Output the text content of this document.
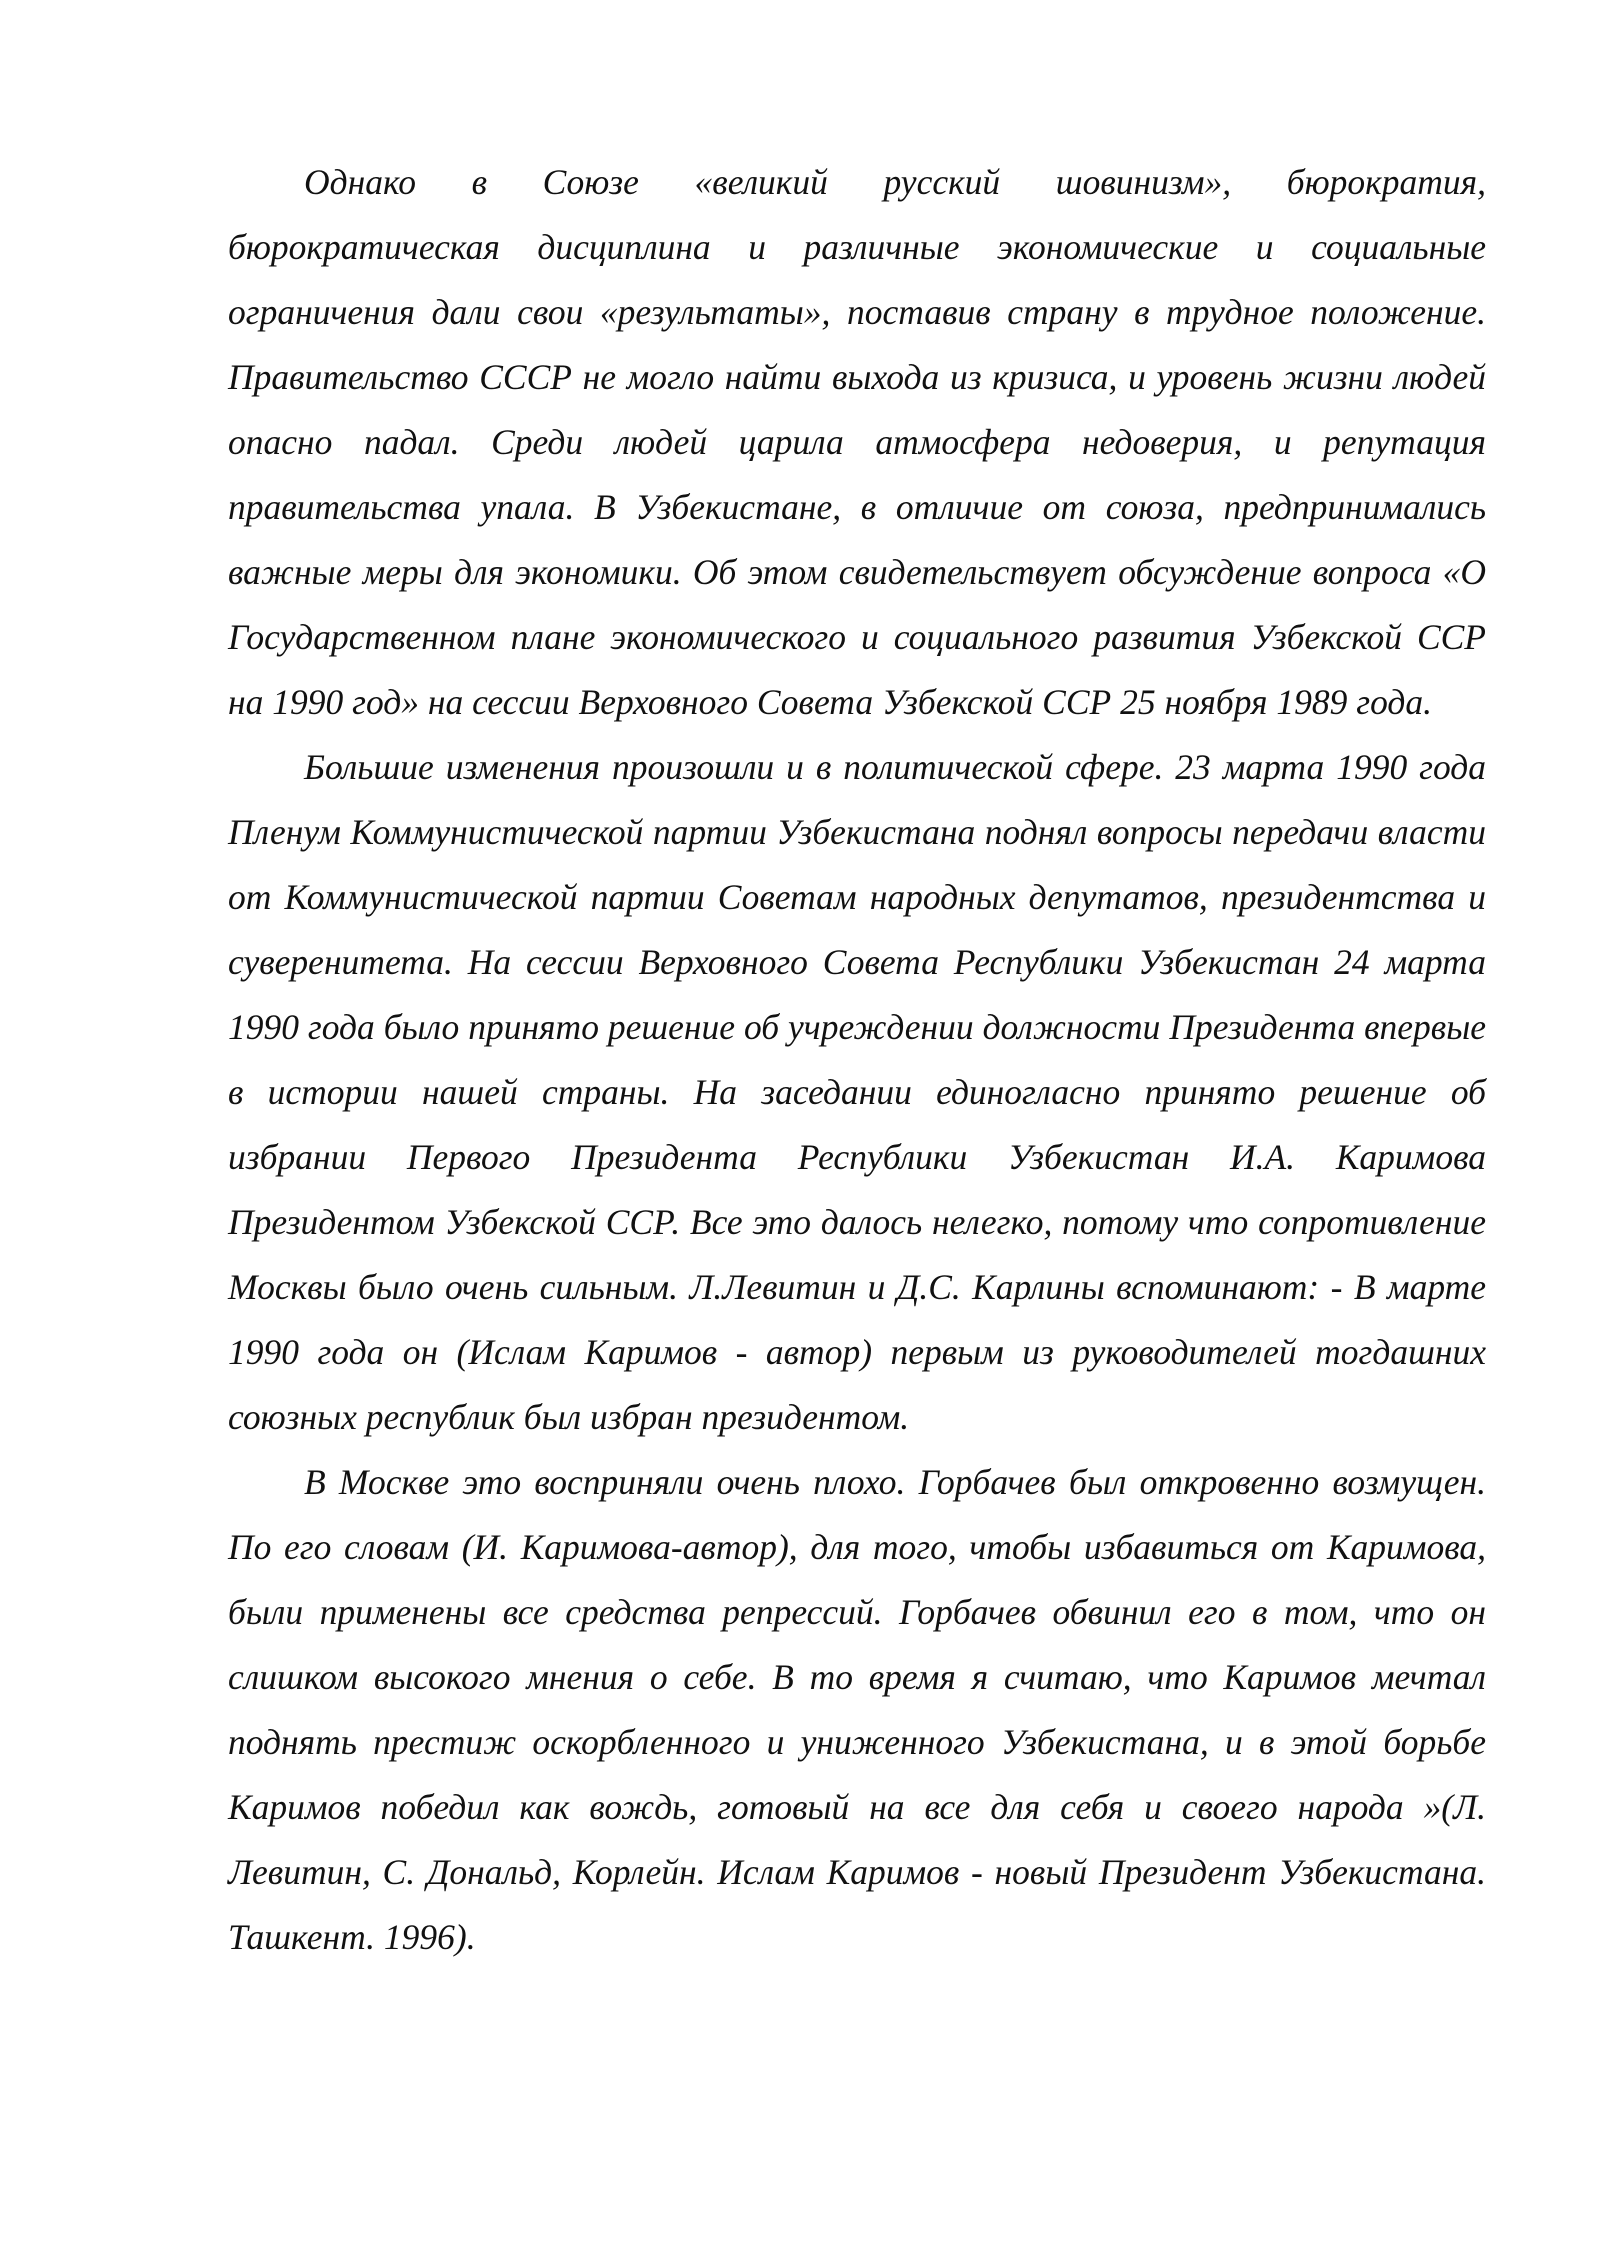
Однако в Союзе «великий русский шовинизм», бюрократия, бюрократическая дисциплина и различные экономические и социальные ограничения дали свои «результаты», поставив страну в трудное положение. Правительство СССР не могло найти выхода из кризиса, и уровень жизни людей опасно падал. Среди людей царила атмосфера недоверия, и репутация правительства упала. В Узбекистане, в отличие от союза, предпринимались важные меры для экономики. Об этом свидетельствует обсуждение вопроса «О Государственном плане экономического и социального развития Узбекской ССР на 1990 год» на сессии Верховного Совета Узбекской ССР 25 ноября 1989 года.

Большие изменения произошли и в политической сфере. 23 марта 1990 года Пленум Коммунистической партии Узбекистана поднял вопросы передачи власти от Коммунистической партии Советам народных депутатов, президентства и суверенитета. На сессии Верховного Совета Республики Узбекистан 24 марта 1990 года было принято решение об учреждении должности Президента впервые в истории нашей страны. На заседании единогласно принято решение об избрании Первого Президента Республики Узбекистан И.А. Каримова Президентом Узбекской ССР. Все это далось нелегко, потому что сопротивление Москвы было очень сильным. Л.Левитин и Д.С. Карлины вспоминают: - В марте 1990 года он (Ислам Каримов - автор) первым из руководителей тогдашних союзных республик был избран президентом.

В Москве это восприняли очень плохо. Горбачев был откровенно возмущен. По его словам (И. Каримова-автор), для того, чтобы избавиться от Каримова, были применены все средства репрессий. Горбачев обвинил его в том, что он слишком высокого мнения о себе. В то время я считаю, что Каримов мечтал поднять престиж оскорбленного и униженного Узбекистана, и в этой борьбе Каримов победил как вождь, готовый на все для себя и своего народа »(Л. Левитин, С. Дональд, Корлейн. Ислам Каримов - новый Президент Узбекистана. Ташкент. 1996).
